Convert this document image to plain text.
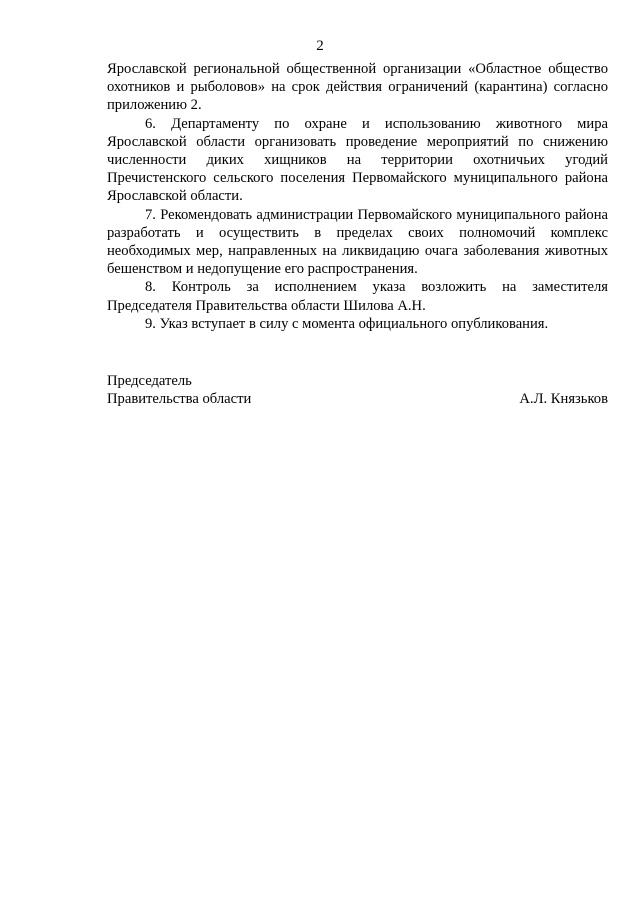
2

Ярославской региональной общественной организации «Областное общество охотников и рыболовов» на срок действия ограничений (карантина) согласно приложению 2.

6. Департаменту по охране и использованию животного мира Ярославской области организовать проведение мероприятий по снижению численности диких хищников на территории охотничьих угодий Пречистенского сельского поселения Первомайского муниципального района Ярославской области.

7. Рекомендовать администрации Первомайского муниципального района разработать и осуществить в пределах своих полномочий комплекс необходимых мер, направленных на ликвидацию очага заболевания животных бешенством и недопущение его распространения.

8. Контроль за исполнением указа возложить на заместителя Председателя Правительства области Шилова А.Н.

9. Указ вступает в силу с момента официального опубликования.

Председатель
Правительства области	А.Л. Князьков
